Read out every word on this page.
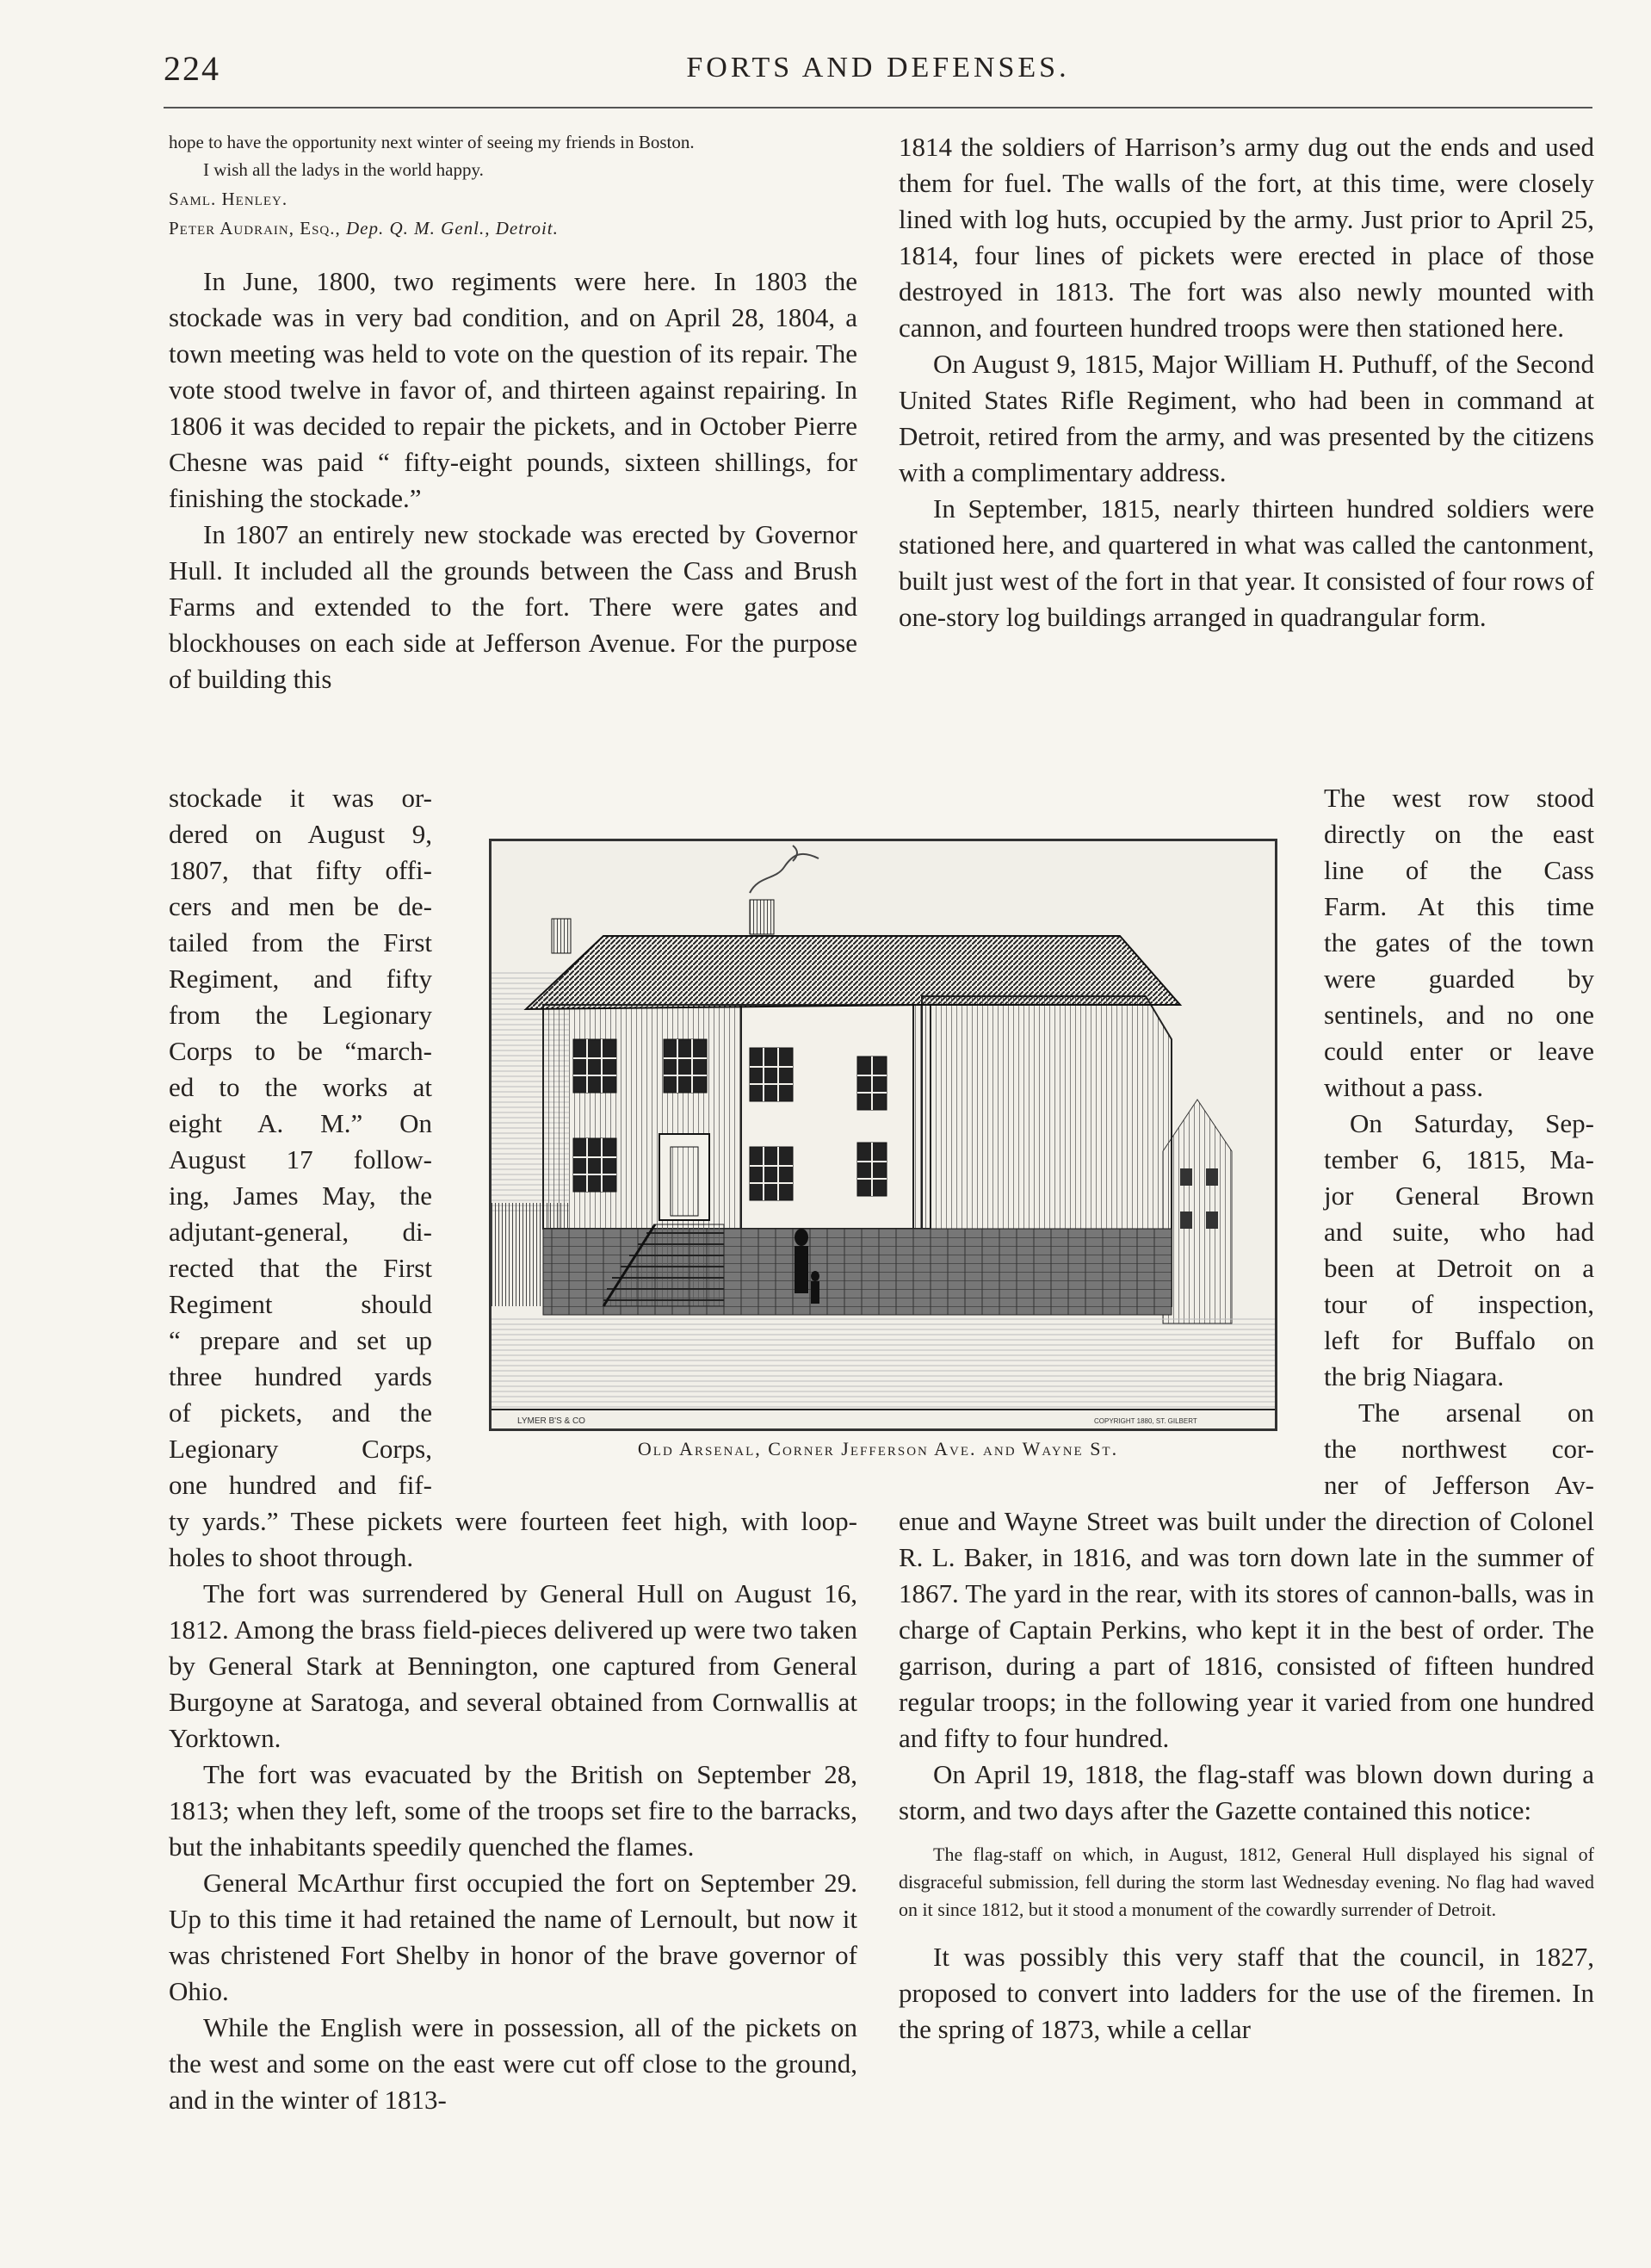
224	FORTS AND DEFENSES.

hope to have the opportunity next winter of seeing my friends in Boston.

I wish all the ladys in the world happy.

Saml. Henley.

Peter Audrain, Esq., Dep. Q. M. Genl., Detroit.

In June, 1800, two regiments were here. In 1803 the stockade was in very bad condition, and on April 28, 1804, a town meeting was held to vote on the question of its repair. The vote stood twelve in favor of, and thirteen against repairing. In 1806 it was decided to repair the pickets, and in October Pierre Chesne was paid “ fifty-eight pounds, sixteen shillings, for finishing the stockade.”

In 1807 an entirely new stockade was erected by Governor Hull. It included all the grounds between the Cass and Brush Farms and extended to the fort. There were gates and blockhouses on each side at Jefferson Avenue. For the purpose of building this

stockade it was or-

dered on August 9,

1807, that fifty offi-

cers and men be de-

tailed from the First

Regiment, and fifty

from the Legionary

Corps to be “march-

ed to the works at

eight A. M.” On

August 17 follow-

ing, James May, the

adjutant-general, di-

rected that the First

Regiment should

“ prepare and set up

three hundred yards

of pickets, and the

Legionary Corps,

one hundred and fif-

ty yards.” These pickets were fourteen feet high, with loop-holes to shoot through.

The fort was surrendered by General Hull on August 16, 1812. Among the brass field-pieces delivered up were two taken by General Stark at Bennington, one captured from General Burgoyne at Saratoga, and several obtained from Cornwallis at Yorktown.

The fort was evacuated by the British on September 28, 1813; when they left, some of the troops set fire to the barracks, but the inhabitants speedily quenched the flames.

General McArthur first occupied the fort on September 29. Up to this time it had retained the name of Lernoult, but now it was christened Fort Shelby in honor of the brave governor of Ohio.

While the English were in possession, all of the pickets on the west and some on the east were cut off close to the ground, and in the winter of 1813-

1814 the soldiers of Harrison’s army dug out the ends and used them for fuel. The walls of the fort, at this time, were closely lined with log huts, occupied by the army. Just prior to April 25, 1814, four lines of pickets were erected in place of those destroyed in 1813. The fort was also newly mounted with cannon, and fourteen hundred troops were then stationed here.

On August 9, 1815, Major William H. Puthuff, of the Second United States Rifle Regiment, who had been in command at Detroit, retired from the army, and was presented by the citizens with a complimentary address.

In September, 1815, nearly thirteen hundred soldiers were stationed here, and quartered in what was called the cantonment, built just west of the fort in that year. It consisted of four rows of one-story log buildings arranged in quadrangular form.

The west row stood

directly on the east

line of the Cass

Farm. At this time

the gates of the town

were guarded by

sentinels, and no one

could enter or leave

without a pass.

On Saturday, Sep-

tember 6, 1815, Ma-

jor General Brown

and suite, who had

been at Detroit on a

tour of inspection,

left for Buffalo on

the brig Niagara.

The arsenal on

the northwest cor-

ner of Jefferson Av-

enue and Wayne Street was built under the direction of Colonel R. L. Baker, in 1816, and was torn down late in the summer of 1867. The yard in the rear, with its stores of cannon-balls, was in charge of Captain Perkins, who kept it in the best of order. The garrison, during a part of 1816, consisted of fifteen hundred regular troops; in the following year it varied from one hundred and fifty to four hundred.

On April 19, 1818, the flag-staff was blown down during a storm, and two days after the Gazette contained this notice:

The flag-staff on which, in August, 1812, General Hull displayed his signal of disgraceful submission, fell during the storm last Wednesday evening. No flag had waved on it since 1812, but it stood a monument of the cowardly surrender of Detroit.

It was possibly this very staff that the council, in 1827, proposed to convert into ladders for the use of the firemen. In the spring of 1873, while a cellar

LYMER B'S & CO	COPYRIGHT 1880, ST. GILBERT
Old Arsenal, Corner Jefferson Ave. and Wayne St.
